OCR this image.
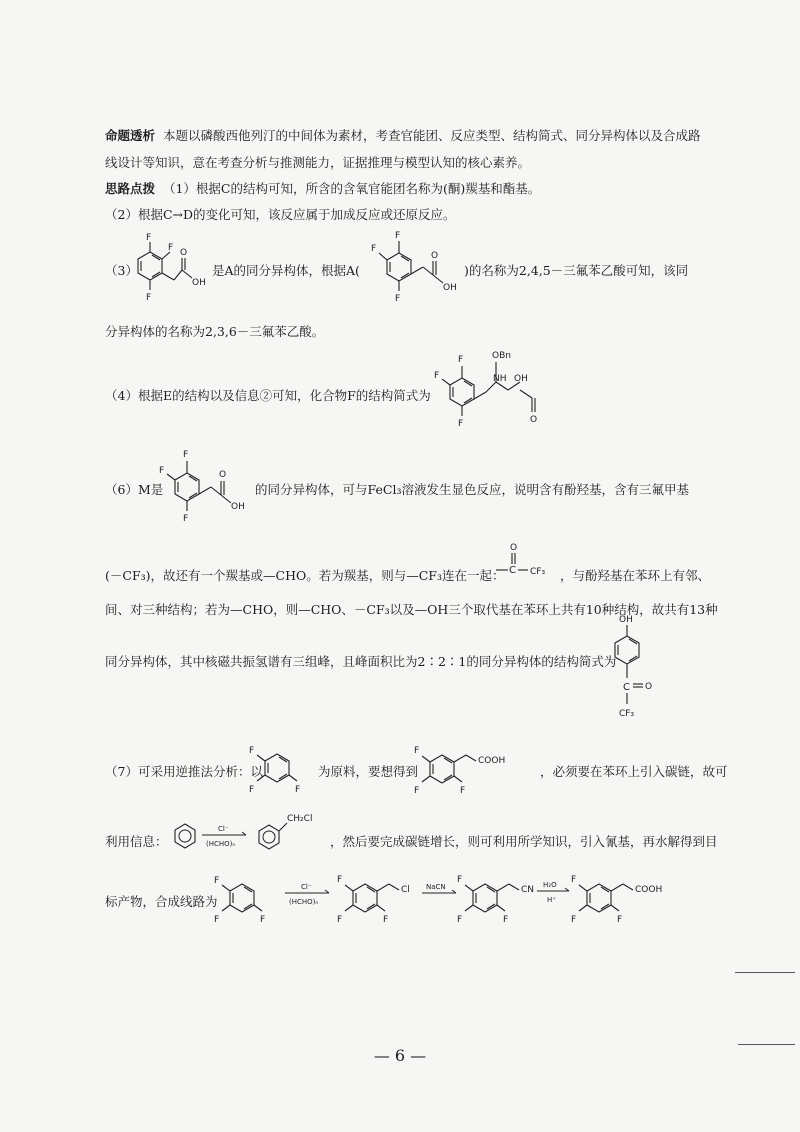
命题透析 本题以磷酸西他列汀的中间体为素材，考查官能团、反应类型、结构简式、同分异构体以及合成路
线设计等知识，意在考查分析与推测能力，证据推理与模型认知的核心素养。
思路点拨 （1）根据C的结构可知，所含的含氧官能团名称为(酮)羰基和酯基。
（2）根据C→D的变化可知，该反应属于加成反应或还原反应。
（3）
F
F
F
O
OH
是A的同分异构体，根据A(
F
F
F
O
OH
)的名称为2,4,5－三氟苯乙酸可知，该同
分异构体的名称为2,3,6－三氟苯乙酸。
（4）根据E的结构以及信息②可知，化合物F的结构简式为
F
F
F
OBn
NH OH
O
（6）M是
F
F
F
O
OH
的同分异构体，可与FeCl₃溶液发生显色反应，说明含有酚羟基，含有三氟甲基
(－CF₃)，故还有一个羰基或—CHO。若为羰基，则与—CF₃连在一起：
O
C CF₃ ，与酚羟基在苯环上有邻、
间、对三种结构；若为—CHO，则—CHO、－CF₃以及—OH三个取代基在苯环上共有10种结构，故共有13种
同分异构体，其中核磁共振氢谱有三组峰，且峰面积比为2∶2∶1的同分异构体的结构简式为
OH
C O
CF₃
（7）可采用逆推法分析：以
F
F	F
为原料，要想得到
F
F	F
COOH
，必须要在苯环上引入碳链，故可
利用信息：
Cl⁻
(HCHO)ₙ
CH₂Cl
，然后要完成碳链增长，则可利用所学知识，引入氰基，再水解得到目
标产物，合成线路为
F
F	F
Cl⁻
(HCHO)ₙ
F
F	F
Cl NaCN
F
F	F
CN H₂O
H⁺
F
F	F
COOH
— 6 —
